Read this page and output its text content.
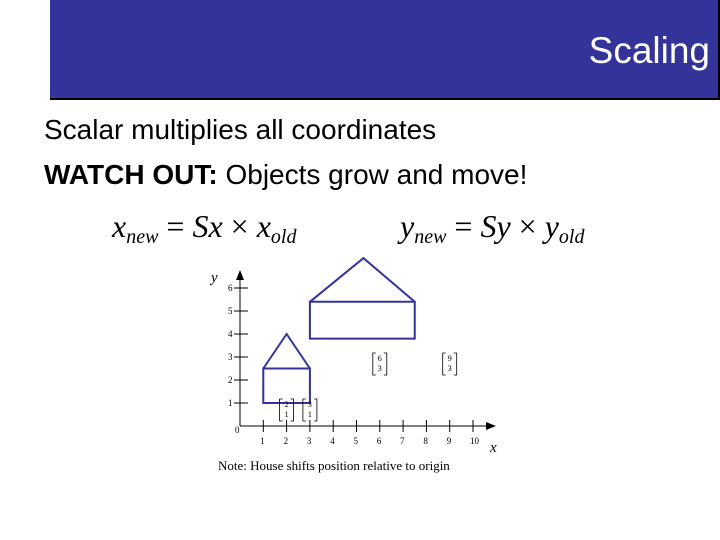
Scaling
Scalar multiplies all coordinates
WATCH OUT: Objects grow and move!
$x_{new} = Sx \times x_{old}$	$y_{new} = Sy \times y_{old}$
y
x
0
1
2
3
4
5
6
1 2 3 4 5 6 7 8 9 10
2
1
3
1
6
3
9
3
Note: House shifts position relative to origin
